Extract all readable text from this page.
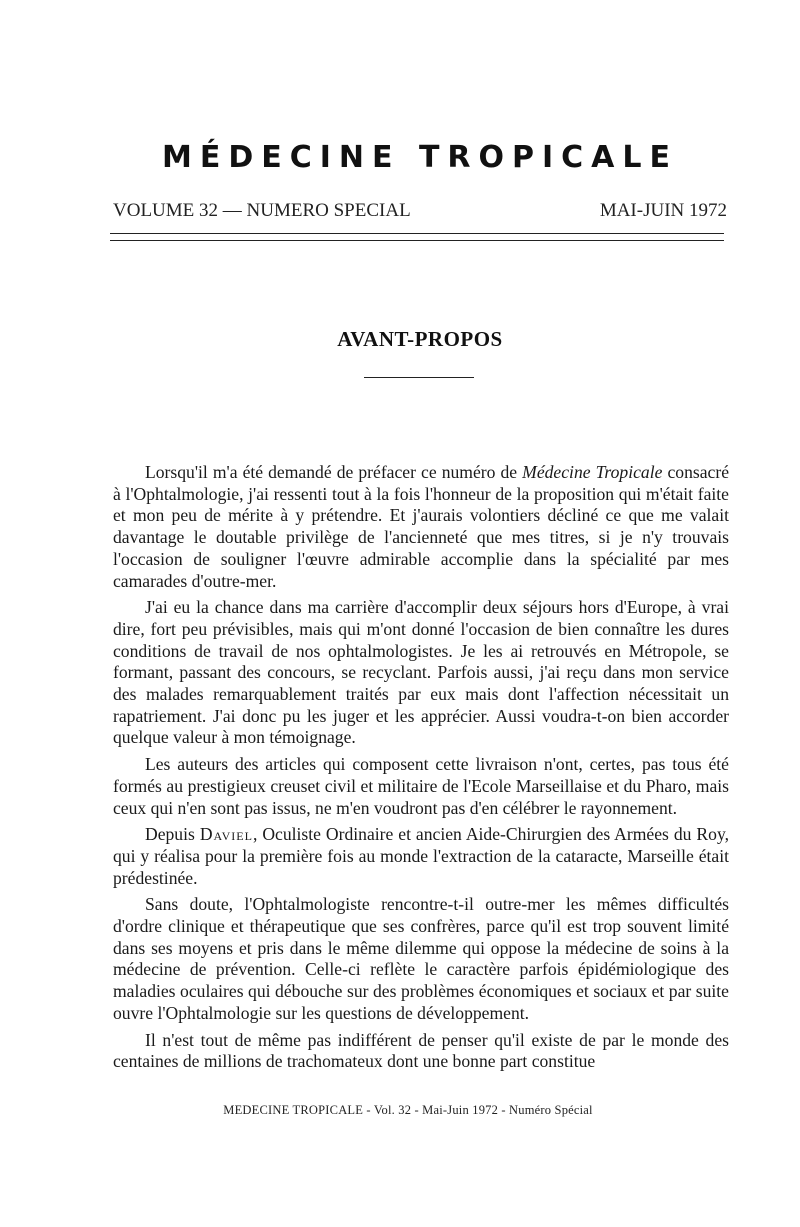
MÉDECINE TROPICALE
VOLUME 32 — NUMERO SPECIAL	MAI-JUIN 1972
AVANT-PROPOS

Lorsqu'il m'a été demandé de préfacer ce numéro de Médecine Tropicale consacré à l'Ophtalmologie, j'ai ressenti tout à la fois l'honneur de la proposition qui m'était faite et mon peu de mérite à y prétendre. Et j'aurais volontiers décliné ce que me valait davantage le doutable privilège de l'ancienneté que mes titres, si je n'y trouvais l'occasion de souligner l'œuvre admirable accomplie dans la spécialité par mes camarades d'outre-mer.

J'ai eu la chance dans ma carrière d'accomplir deux séjours hors d'Europe, à vrai dire, fort peu prévisibles, mais qui m'ont donné l'occasion de bien connaître les dures conditions de travail de nos ophtalmologistes. Je les ai retrouvés en Métropole, se formant, passant des concours, se recyclant. Parfois aussi, j'ai reçu dans mon service des malades remarquablement traités par eux mais dont l'affection nécessitait un rapatriement. J'ai donc pu les juger et les apprécier. Aussi voudra-t-on bien accorder quelque valeur à mon témoignage.

Les auteurs des articles qui composent cette livraison n'ont, certes, pas tous été formés au prestigieux creuset civil et militaire de l'Ecole Marseillaise et du Pharo, mais ceux qui n'en sont pas issus, ne m'en voudront pas d'en célébrer le rayonnement.

Depuis Daviel, Oculiste Ordinaire et ancien Aide-Chirurgien des Armées du Roy, qui y réalisa pour la première fois au monde l'extraction de la cataracte, Marseille était prédestinée.

Sans doute, l'Ophtalmologiste rencontre-t-il outre-mer les mêmes difficultés d'ordre clinique et thérapeutique que ses confrères, parce qu'il est trop souvent limité dans ses moyens et pris dans le même dilemme qui oppose la médecine de soins à la médecine de prévention. Celle-ci reflète le caractère parfois épidémiologique des maladies oculaires qui débouche sur des problèmes économiques et sociaux et par suite ouvre l'Ophtalmologie sur les questions de développement.

Il n'est tout de même pas indifférent de penser qu'il existe de par le monde des centaines de millions de trachomateux dont une bonne part constitue

MEDECINE TROPICALE - Vol. 32 - Mai-Juin 1972 - Numéro Spécial
